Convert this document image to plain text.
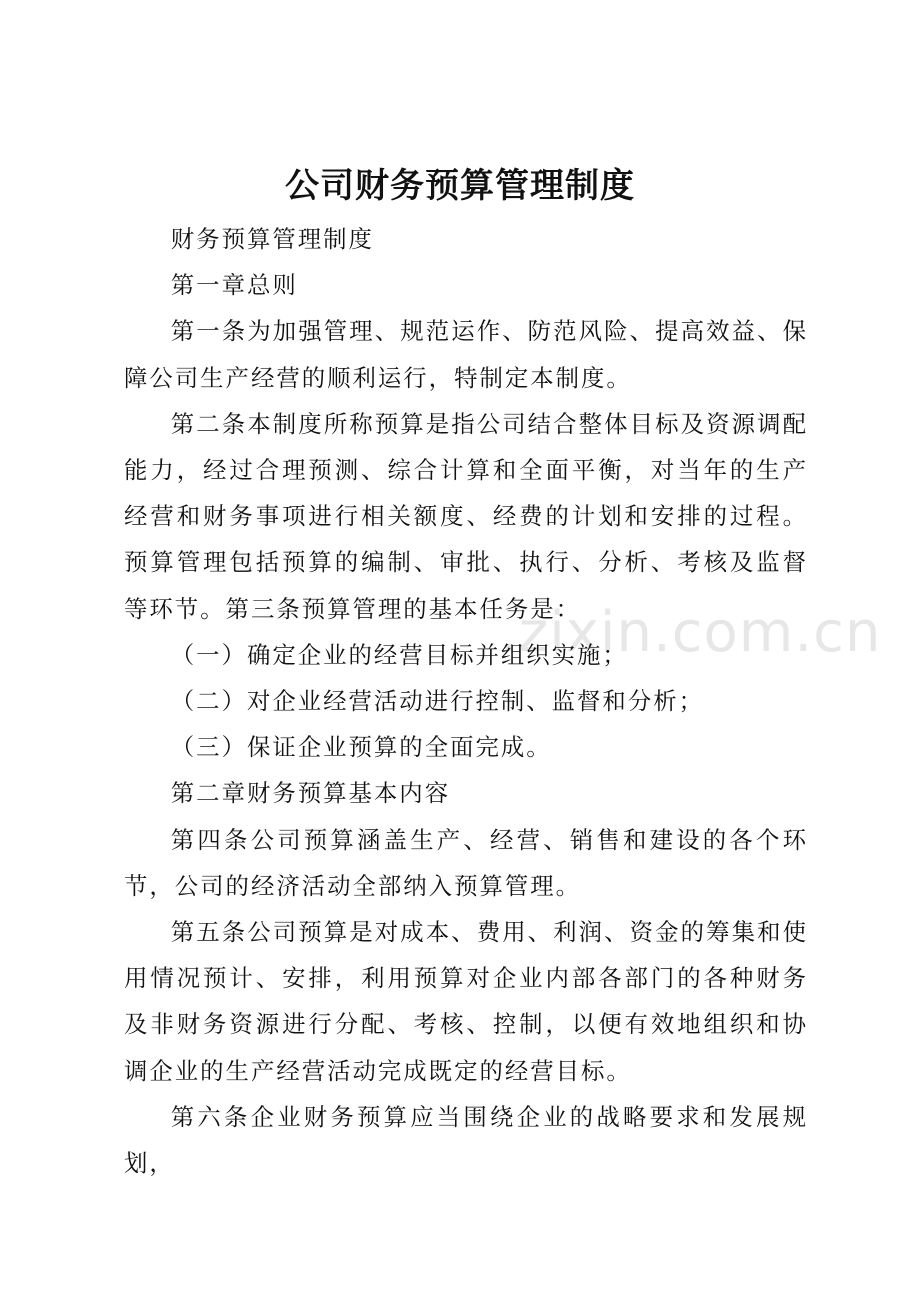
.zixin.com.cn
公司财务预算管理制度

财务预算管理制度

第一章总则

第一条为加强管理、规范运作、防范风险、提高效益、保障公司生产经营的顺利运行，特制定本制度。

第二条本制度所称预算是指公司结合整体目标及资源调配能力，经过合理预测、综合计算和全面平衡，对当年的生产经营和财务事项进行相关额度、经费的计划和安排的过程。预算管理包括预算的编制、审批、执行、分析、考核及监督等环节。第三条预算管理的基本任务是：

（一）确定企业的经营目标并组织实施；

（二）对企业经营活动进行控制、监督和分析；

（三）保证企业预算的全面完成。

第二章财务预算基本内容

第四条公司预算涵盖生产、经营、销售和建设的各个环节，公司的经济活动全部纳入预算管理。

第五条公司预算是对成本、费用、利润、资金的筹集和使用情况预计、安排，利用预算对企业内部各部门的各种财务及非财务资源进行分配、考核、控制，以便有效地组织和协调企业的生产经营活动完成既定的经营目标。

第六条企业财务预算应当围绕企业的战略要求和发展规划，
